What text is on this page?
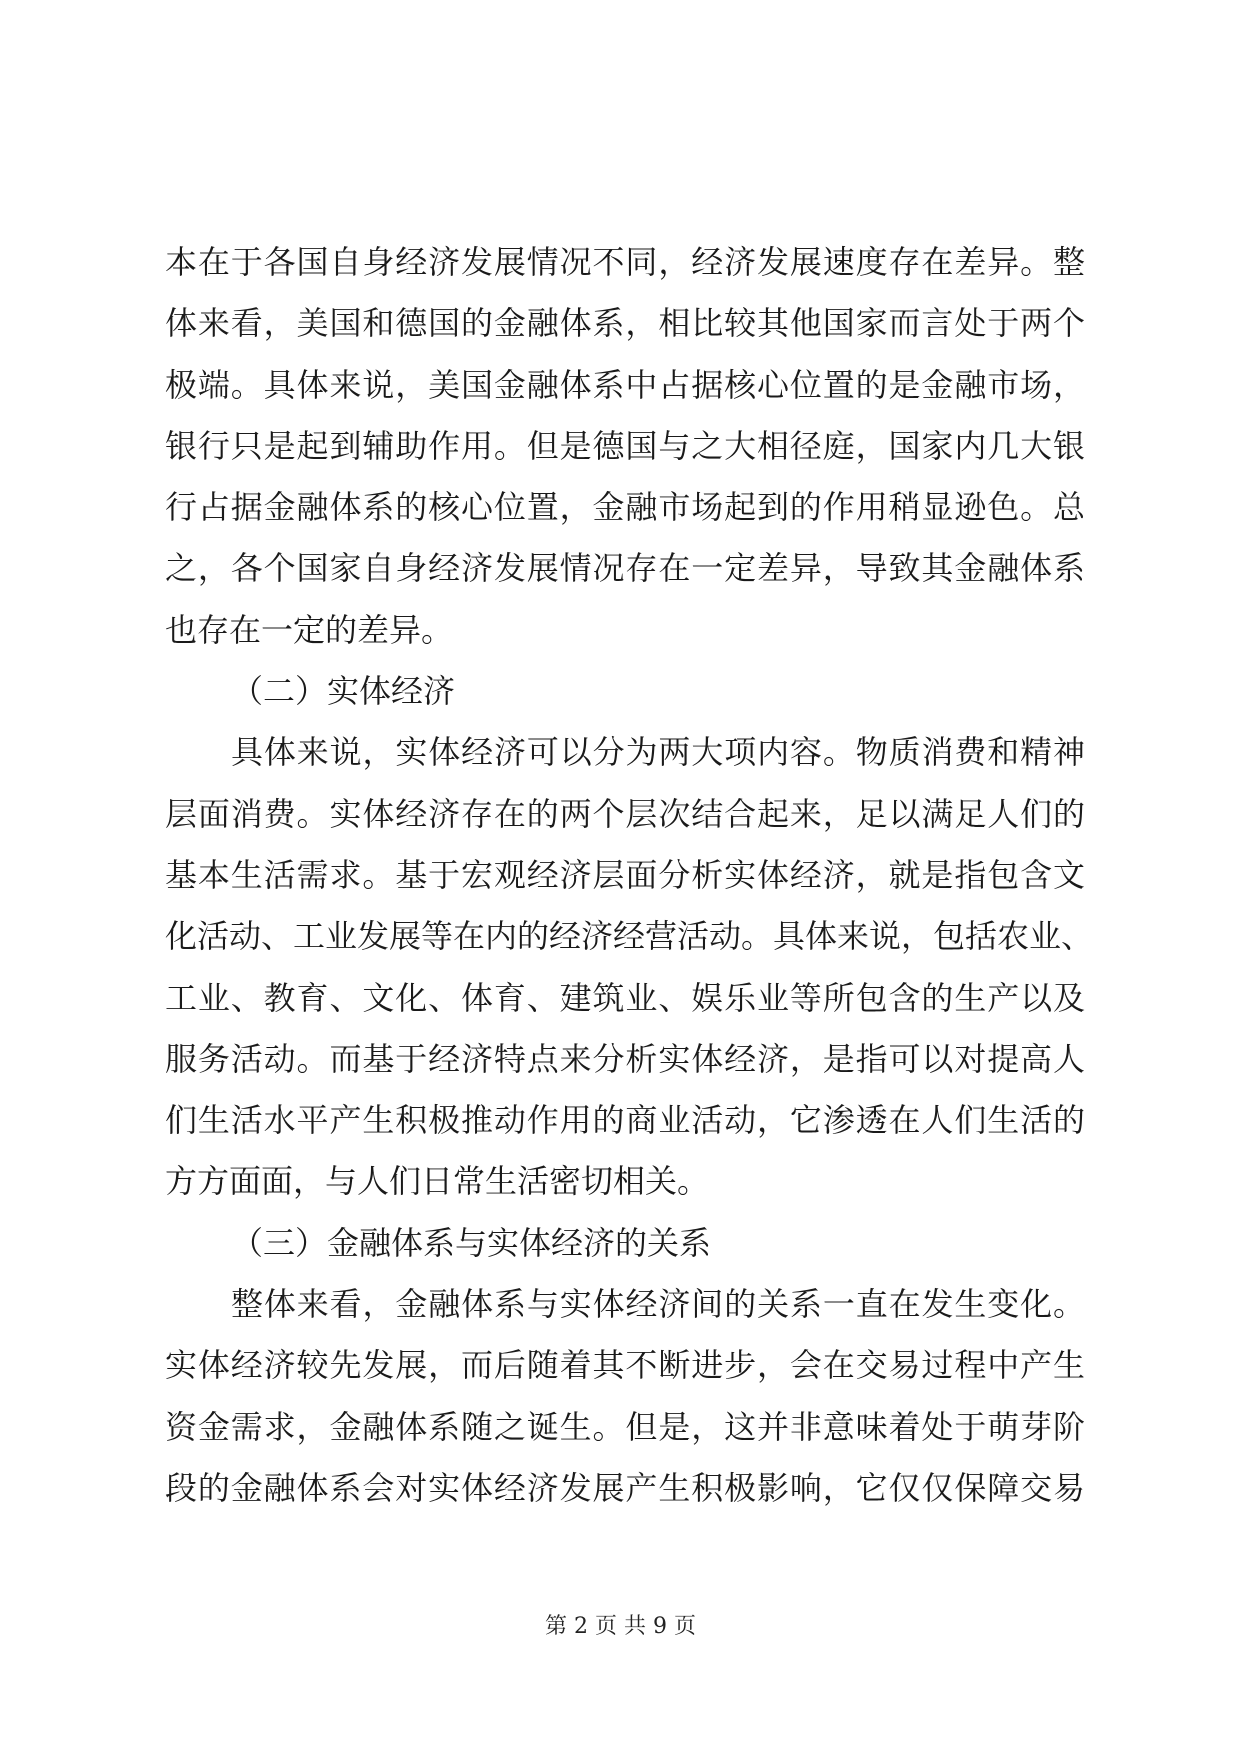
本在于各国自身经济发展情况不同，经济发展速度存在差异。整
体来看，美国和德国的金融体系，相比较其他国家而言处于两个
极端。具体来说，美国金融体系中占据核心位置的是金融市场，
银行只是起到辅助作用。但是德国与之大相径庭，国家内几大银
行占据金融体系的核心位置，金融市场起到的作用稍显逊色。总
之，各个国家自身经济发展情况存在一定差异，导致其金融体系
也存在一定的差异。
（二）实体经济
具体来说，实体经济可以分为两大项内容。物质消费和精神
层面消费。实体经济存在的两个层次结合起来，足以满足人们的
基本生活需求。基于宏观经济层面分析实体经济，就是指包含文
化活动、工业发展等在内的经济经营活动。具体来说，包括农业、
工业、教育、文化、体育、建筑业、娱乐业等所包含的生产以及
服务活动。而基于经济特点来分析实体经济，是指可以对提高人
们生活水平产生积极推动作用的商业活动，它渗透在人们生活的
方方面面，与人们日常生活密切相关。
（三）金融体系与实体经济的关系
整体来看，金融体系与实体经济间的关系一直在发生变化。
实体经济较先发展，而后随着其不断进步，会在交易过程中产生
资金需求，金融体系随之诞生。但是，这并非意味着处于萌芽阶
段的金融体系会对实体经济发展产生积极影响，它仅仅保障交易
第 2 页 共 9 页
